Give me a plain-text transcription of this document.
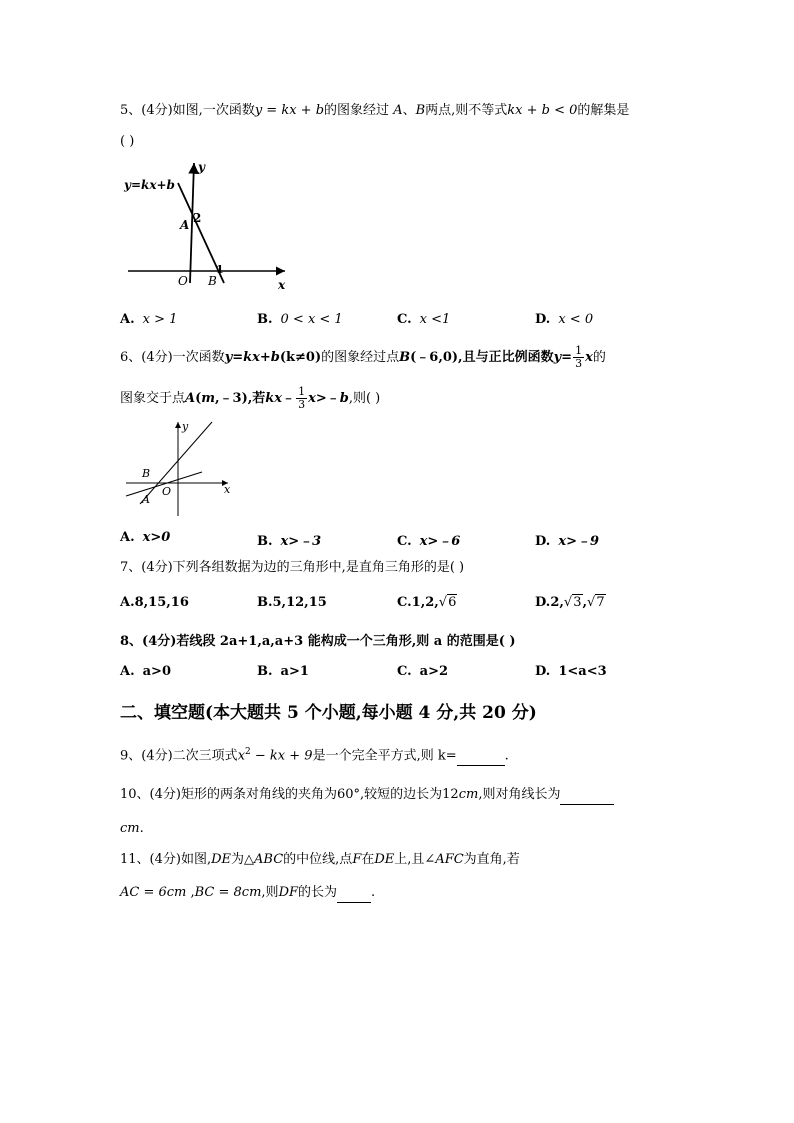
5、(4分)如图,一次函数y = kx + b的图象经过 A、B两点,则不等式kx + b < 0的解集是
( )
y=kx+b
y
x
O
A 2
B
1
A. x > 1	B. 0 < x < 1	C. x <1	D. x < 0
6、(4分)一次函数y=kx+b(k≠0)的图象经过点B(﹣6,0),且与正比例函数$y= \frac{1}{3}$ x的
图象交于点A(m,﹣3),若kx﹣ $\frac{1}{3}$ x>﹣b,则( )
y
x
O
A
B
A. x>0	B. x>﹣3	C. x>﹣6	D. x>﹣9
7、(4分)下列各组数据为边的三角形中,是直角三角形的是( )
A.8,15,16	B.5,12,15	C.1,2,√6	D.2,√3,√7
8、(4分)若线段 2a+1,a,a+3 能构成一个三角形,则 a 的范围是( )
A. a>0	B. a>1	C. a>2	D. 1<a<3
二、填空题(本大题共 5 个小题,每小题 4 分,共 20 分)
9、(4分)二次三项式$x^2$ − kx + 9是一个完全平方式,则 k=	.
10、(4分)矩形的两条对角线的夹角为60°,较短的边长为12cm,则对角线长为
cm.
11、(4分)如图,DE为△ABC的中位线,点F在DE上,且∠AFC为直角,若
AC = 6cm ,BC = 8cm,则DF的长为	.
